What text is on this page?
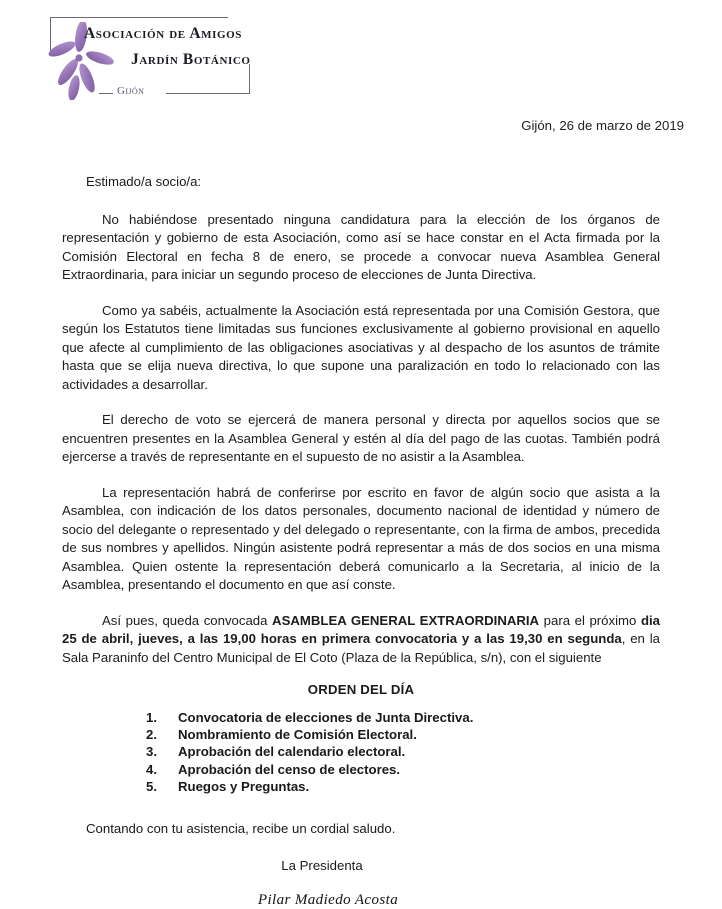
Asociación de Amigos
Jardín Botánico
Gijón
Gijón, 26 de marzo de 2019
Estimado/a socio/a:

No habiéndose presentado ninguna candidatura para la elección de los órganos de representación y gobierno de esta Asociación, como así se hace constar en el Acta firmada por la Comisión Electoral en fecha 8 de enero, se procede a convocar nueva Asamblea General Extraordinaria, para iniciar un segundo proceso de elecciones de Junta Directiva.

Como ya sabéis, actualmente la Asociación está representada por una Comisión Gestora, que según los Estatutos tiene limitadas sus funciones exclusivamente al gobierno provisional en aquello que afecte al cumplimiento de las obligaciones asociativas y al despacho de los asuntos de trámite hasta que se elija nueva directiva, lo que supone una paralización en todo lo relacionado con las actividades a desarrollar.

El derecho de voto se ejercerá de manera personal y directa por aquellos socios que se encuentren presentes en la Asamblea General y estén al día del pago de las cuotas. También podrá ejercerse a través de representante en el supuesto de no asistir a la Asamblea.

La representación habrá de conferirse por escrito en favor de algún socio que asista a la Asamblea, con indicación de los datos personales, documento nacional de identidad y número de socio del delegante o representado y del delegado o representante, con la firma de ambos, precedida de sus nombres y apellidos. Ningún asistente podrá representar a más de dos socios en una misma Asamblea. Quien ostente la representación deberá comunicarlo a la Secretaria, al inicio de la Asamblea, presentando el documento en que así conste.

Así pues, queda convocada ASAMBLEA GENERAL EXTRAORDINARIA para el próximo dia 25 de abril, jueves, a las 19,00 horas en primera convocatoria y a las 19,30 en segunda, en la Sala Paraninfo del Centro Municipal de El Coto (Plaza de la República, s/n), con el siguiente

ORDEN DEL DÍA
1.	Convocatoria de elecciones de Junta Directiva.
2.	Nombramiento de Comisión Electoral.
3.	Aprobación del calendario electoral.
4.	Aprobación del censo de electores.
5.	Ruegos y Preguntas.
Contando con tu asistencia, recibe un cordial saludo.
La Presidenta
Pilar Madiedo Acosta
